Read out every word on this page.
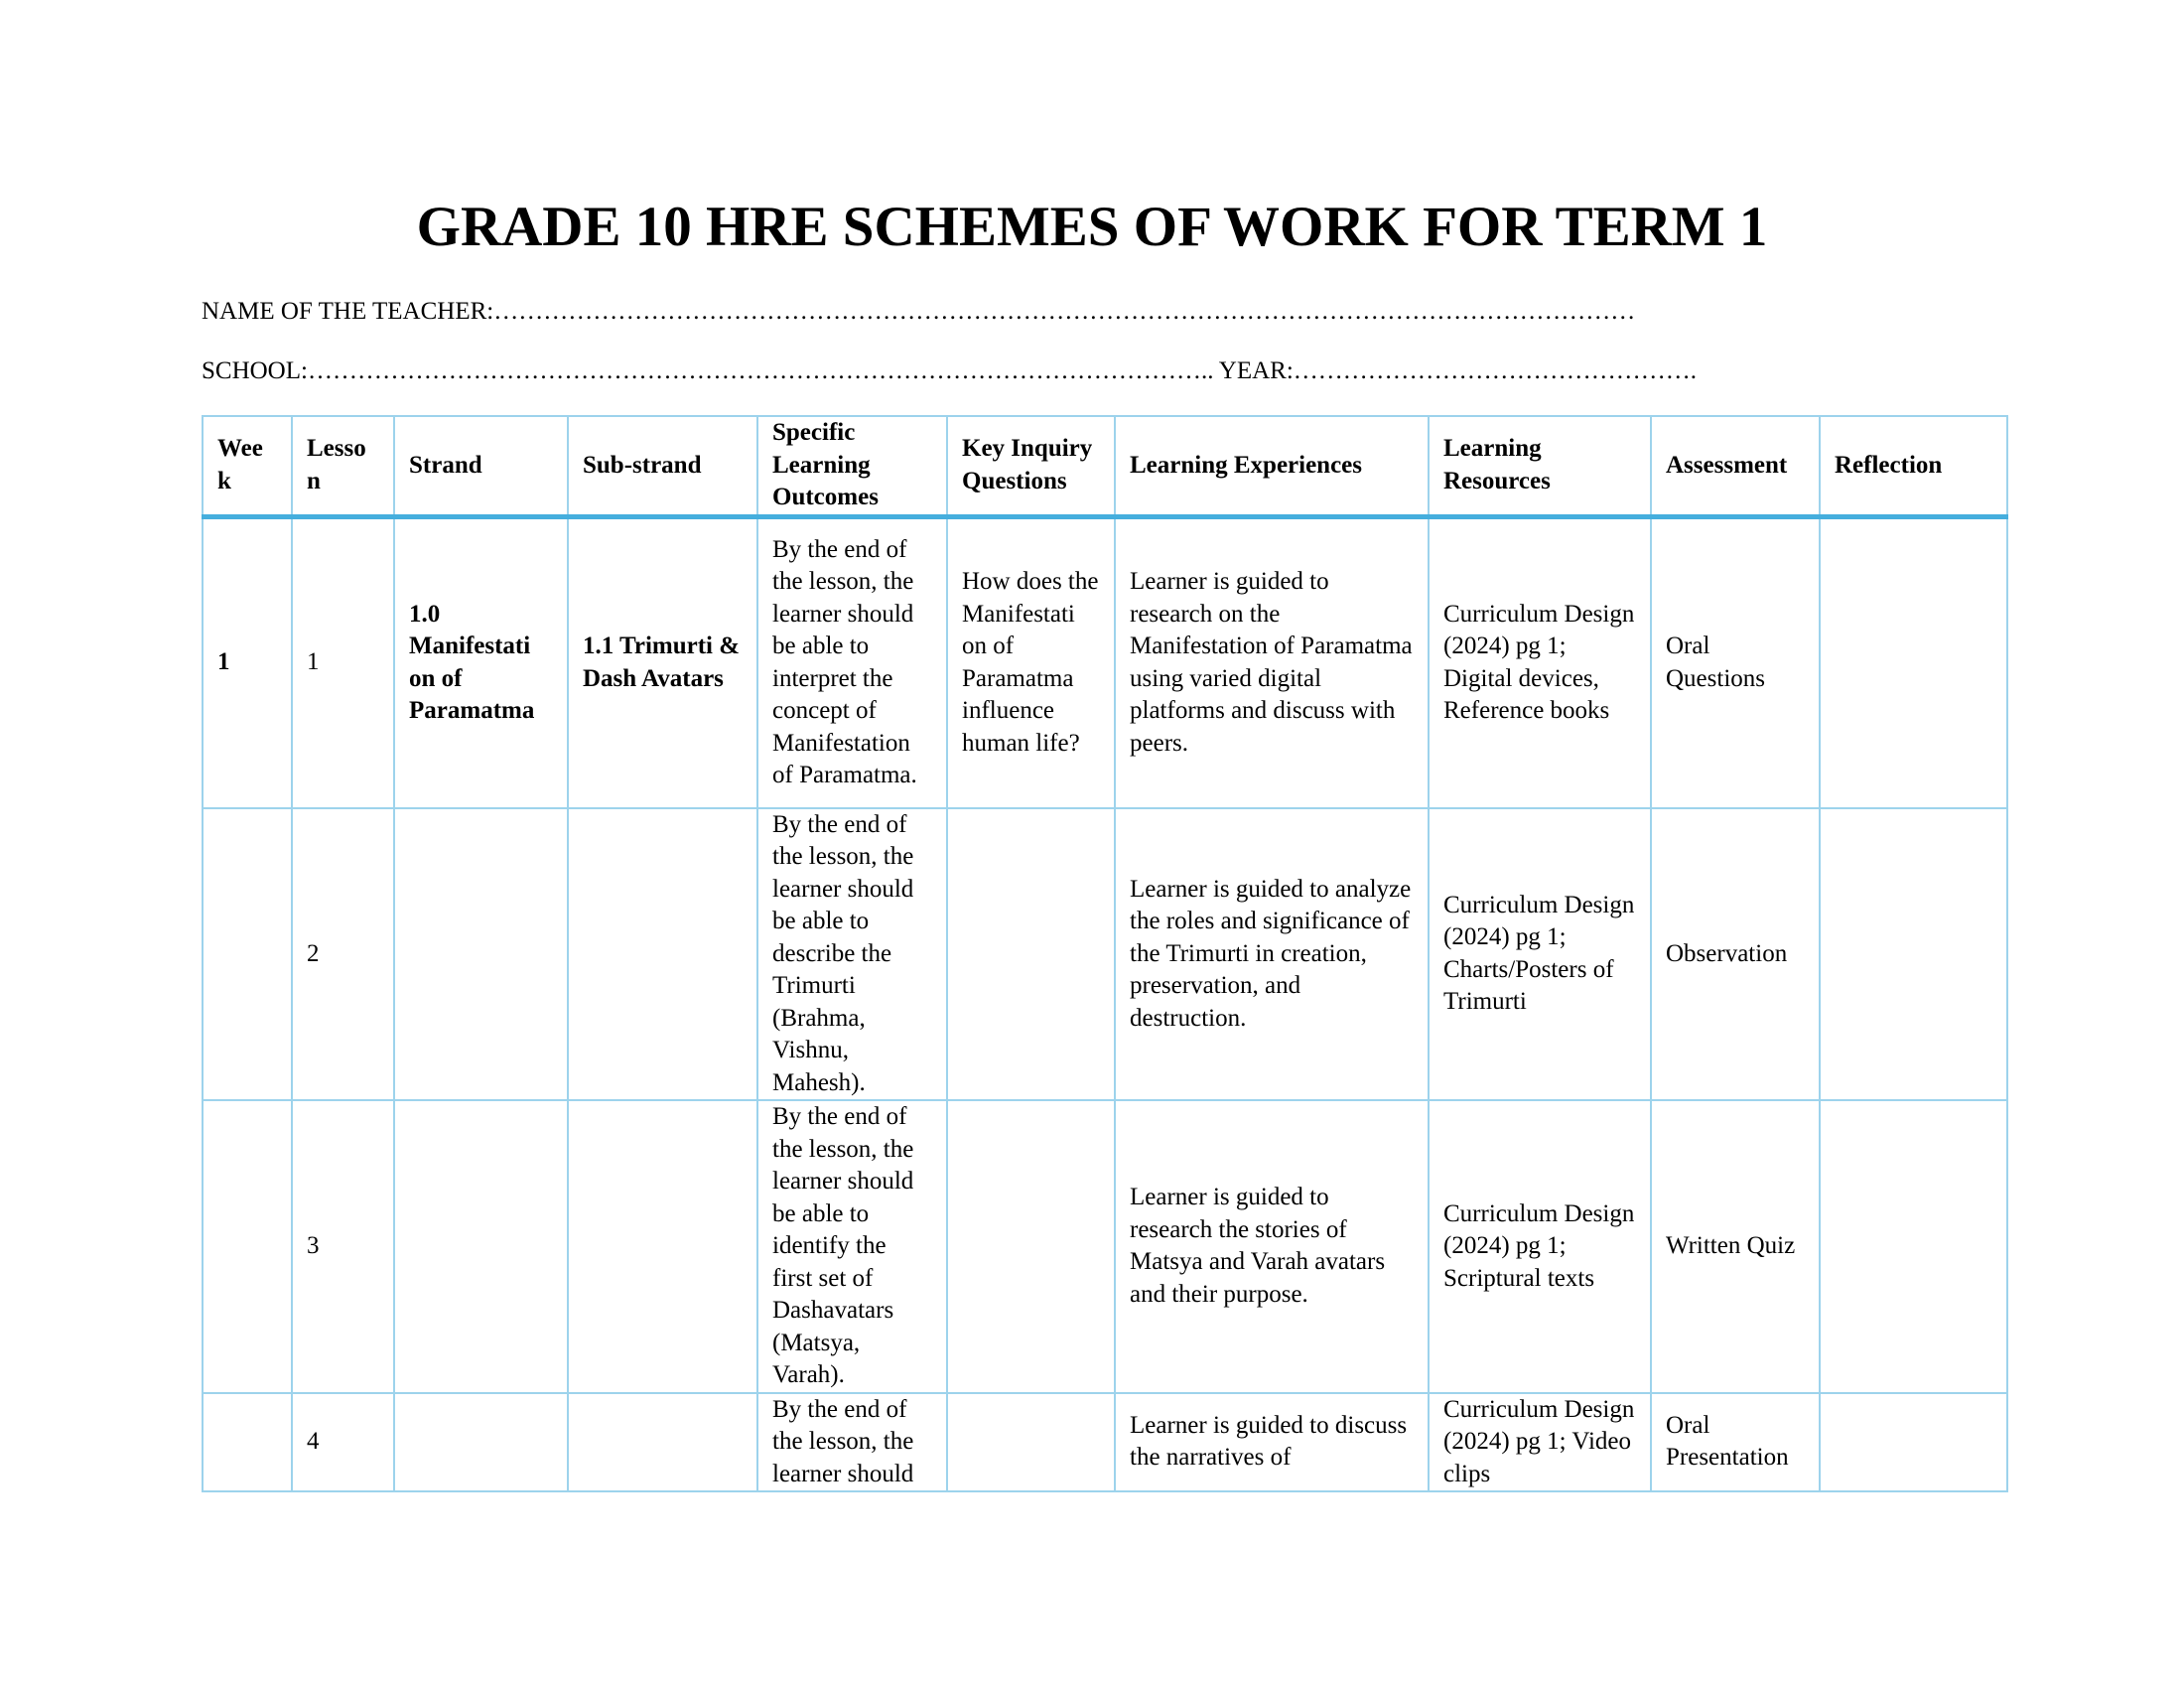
GRADE 10 HRE SCHEMES OF WORK FOR TERM 1
NAME OF THE TEACHER:…………………………………………………………………………………………………………………………
SCHOOL:……………………………………………………………………………………………….. YEAR:………………………………………….
Wee k	Lesso n	Strand	Sub-strand	Specific Learning Outcomes	Key Inquiry Questions	Learning Experiences	Learning Resources	Assessment	Reflection
1	1	1.0 Manifestati on of Paramatma	1.1 Trimurti & Dash Avatars	By the end of the lesson, the learner should be able to interpret the concept of Manifestation of Paramatma.	How does the Manifestati on of Paramatma influence human life?	Learner is guided to research on the Manifestation of Paramatma using varied digital platforms and discuss with peers.	Curriculum Design (2024) pg 1; Digital devices, Reference books	Oral Questions	
	2			By the end of the lesson, the learner should be able to describe the Trimurti (Brahma, Vishnu, Mahesh).		Learner is guided to analyze the roles and significance of the Trimurti in creation, preservation, and destruction.	Curriculum Design (2024) pg 1; Charts/Posters of Trimurti	Observation	
	3			By the end of the lesson, the learner should be able to identify the first set of Dashavatars (Matsya, Varah).		Learner is guided to research the stories of Matsya and Varah avatars and their purpose.	Curriculum Design (2024) pg 1; Scriptural texts	Written Quiz	
	4			By the end of the lesson, the learner should		Learner is guided to discuss the narratives of	Curriculum Design (2024) pg 1; Video clips	Oral Presentation	
